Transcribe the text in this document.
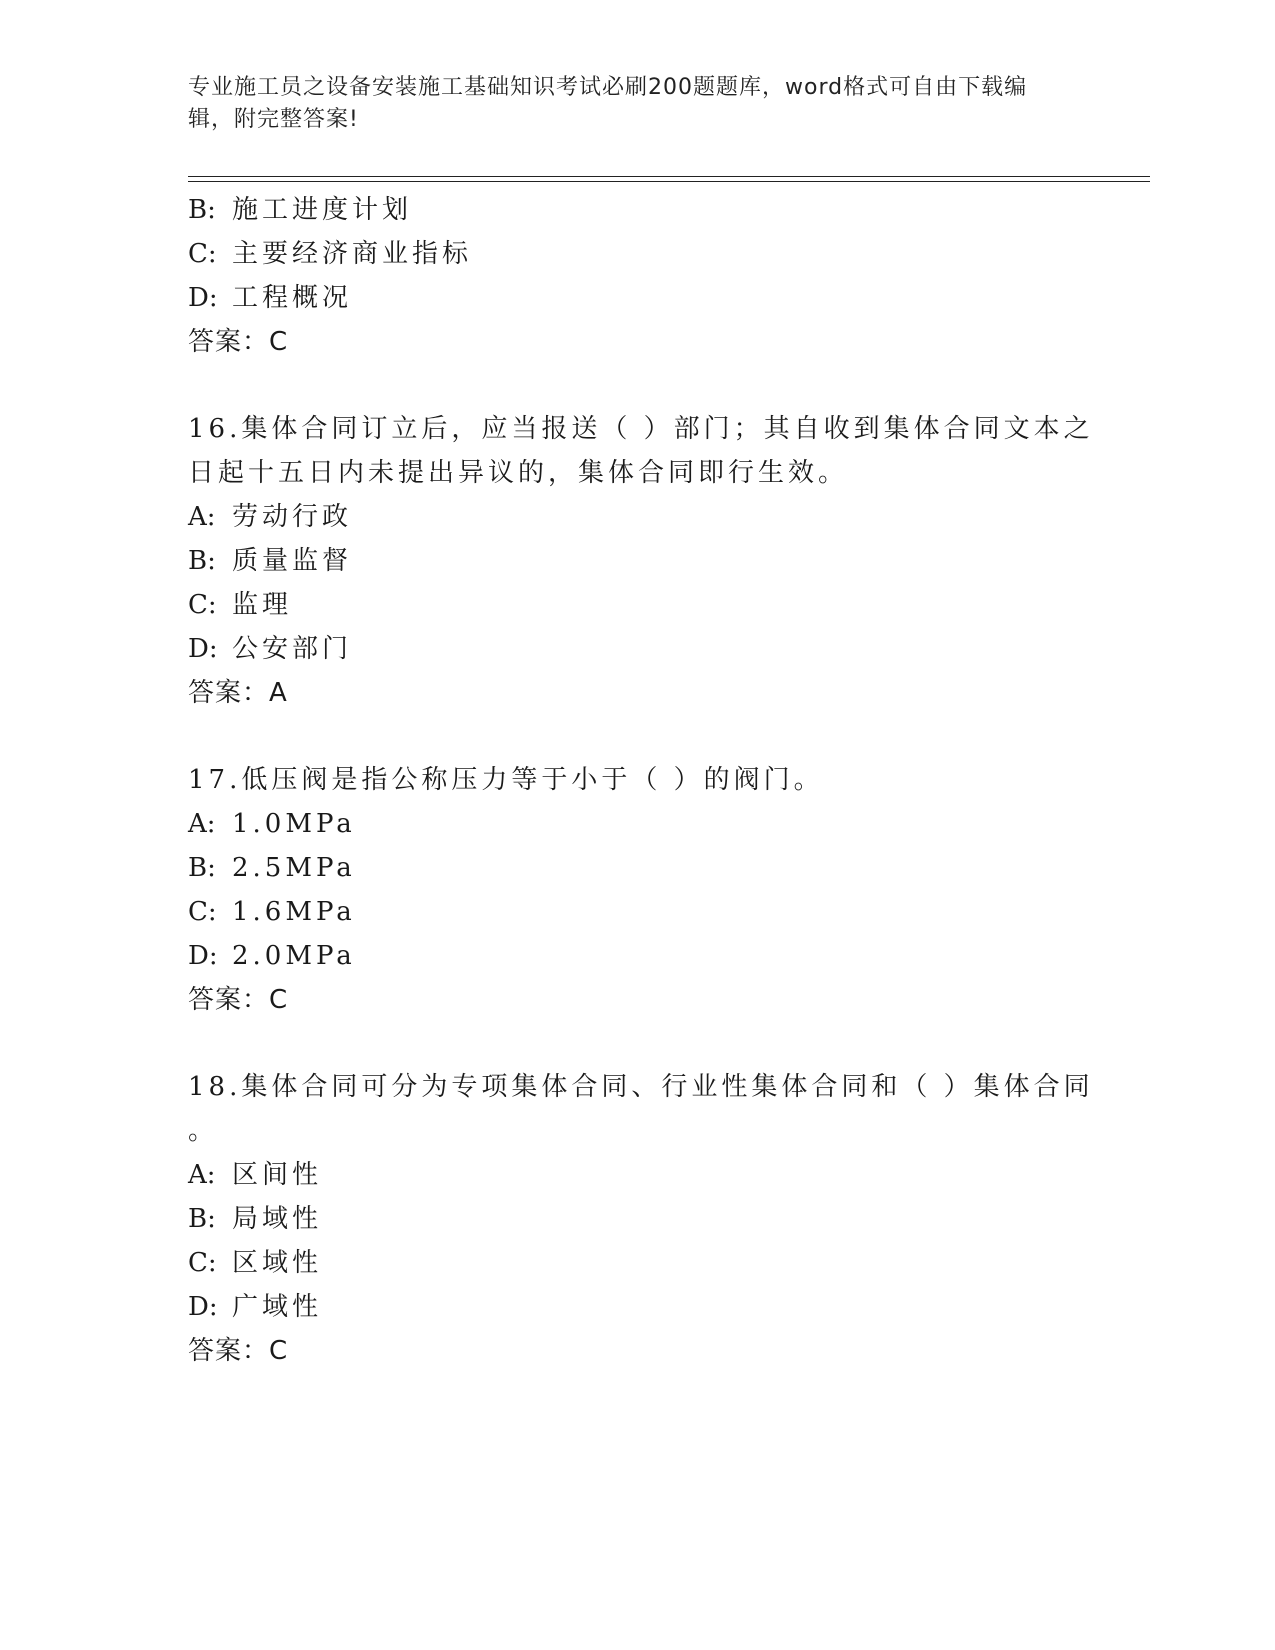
专业施工员之设备安装施工基础知识考试必刷200题题库，word格式可自由下载编辑，附完整答案!
B: 施工进度计划
C: 主要经济商业指标
D: 工程概况
答案：C
16.集体合同订立后，应当报送（ ）部门；其自收到集体合同文本之
日起十五日内未提出异议的，集体合同即行生效。
A: 劳动行政
B: 质量监督
C: 监理
D: 公安部门
答案：A
17.低压阀是指公称压力等于小于（ ）的阀门。
A: 1.0MPa
B: 2.5MPa
C: 1.6MPa
D: 2.0MPa
答案：C
18.集体合同可分为专项集体合同、行业性集体合同和（ ）集体合同
。
A: 区间性
B: 局域性
C: 区域性
D: 广域性
答案：C
